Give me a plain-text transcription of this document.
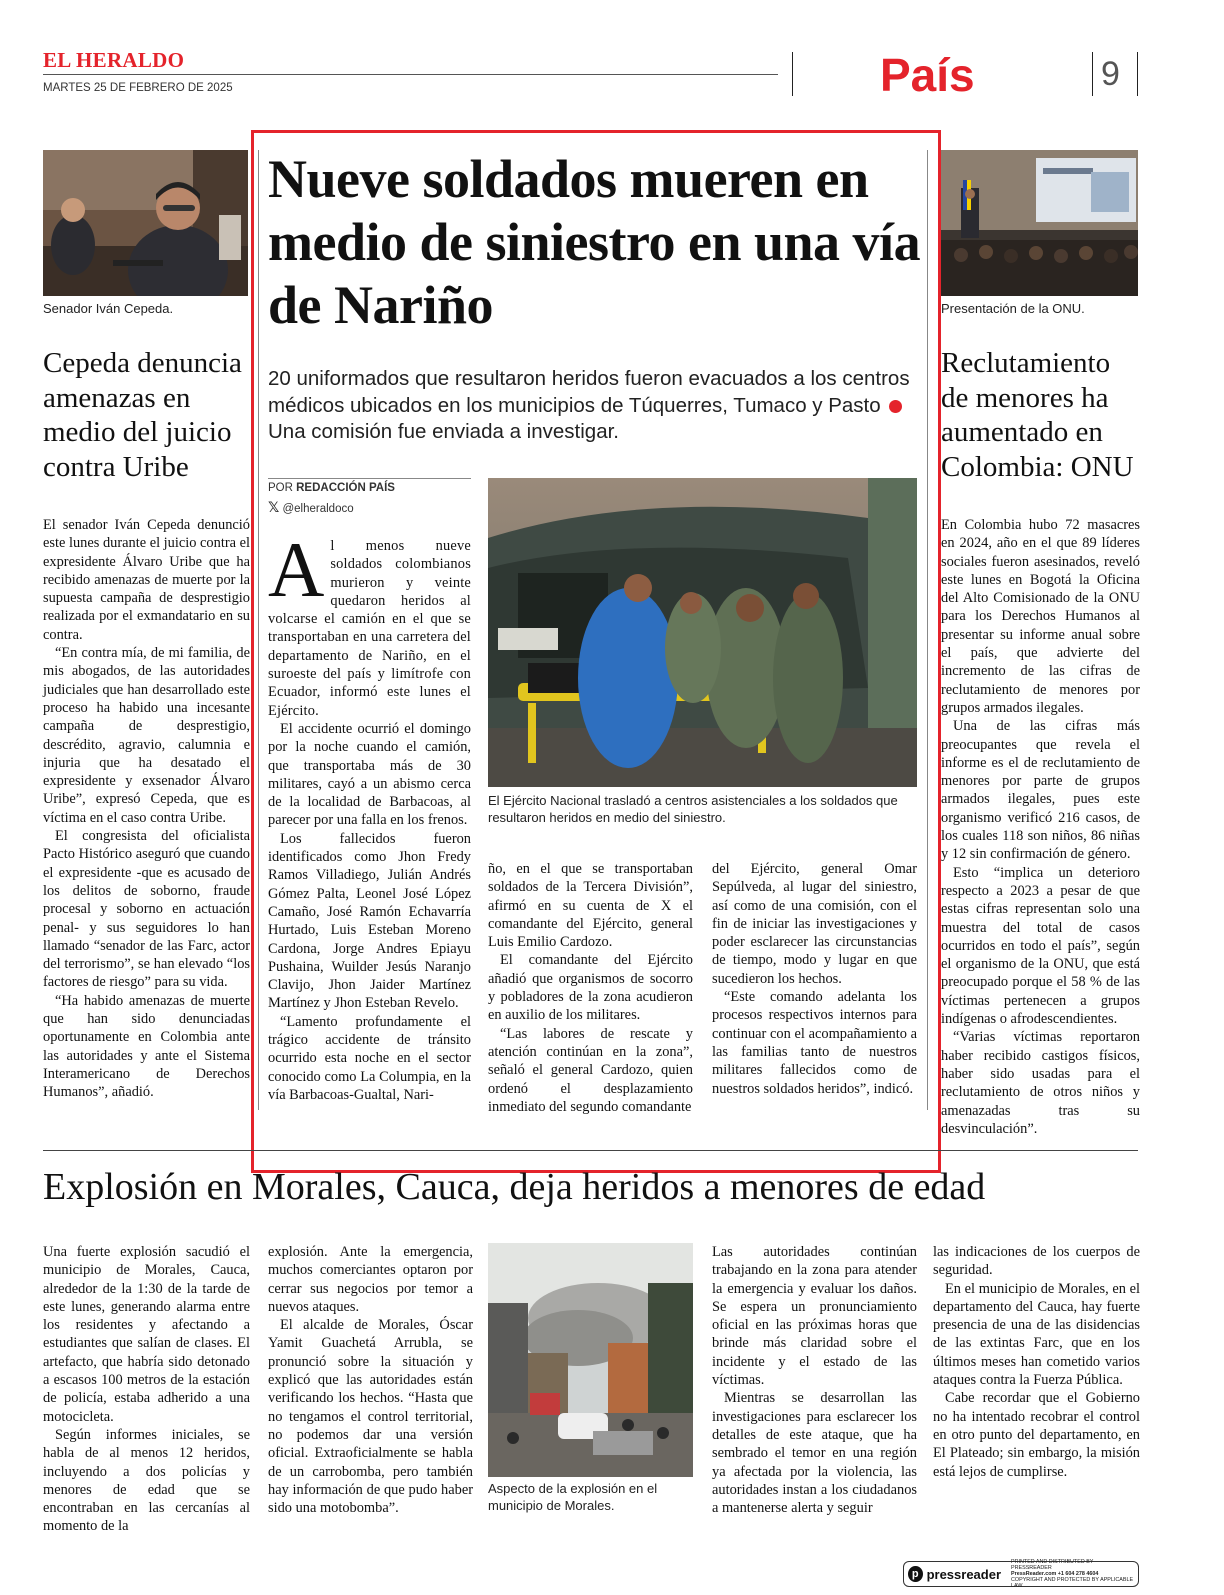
EL HERALDO
MARTES 25 DE FEBRERO DE 2025	País	9
Senador Iván Cepeda.
Cepeda denuncia amenazas en medio del juicio contra Uribe

El senador Iván Cepeda denunció este lunes durante el juicio contra el expresidente Álvaro Uribe que ha recibido amenazas de muerte por la supuesta campaña de desprestigio realizada por el exmandatario en su contra.

“En contra mía, de mi familia, de mis abogados, de las autoridades judiciales que han desarrollado este proceso ha habido una incesante campaña de desprestigio, descrédito, agravio, calumnia e injuria que ha desatado el expresidente y exsenador Álvaro Uribe”, expresó Cepeda, que es víctima en el caso contra Uribe.

El congresista del oficialista Pacto Histórico aseguró que cuando el expresidente -que es acusado de los delitos de soborno, fraude procesal y soborno en actuación penal- y sus seguidores lo han llamado “senador de las Farc, actor del terrorismo”, se han elevado “los factores de riesgo” para su vida.

“Ha habido amenazas de muerte que han sido denunciadas oportunamente en Colombia ante las autoridades y ante el Sistema Interamericano de Derechos Humanos”, añadió.

Nueve soldados mueren en medio de siniestro en una vía de Nariño
20 uniformados que resultaron heridos fueron evacuados a los centros médicos ubicados en los municipios de Túquerres, Tumaco y Pasto  Una comisión fue enviada a investigar.
POR REDACCIÓN PAÍS
𝕏 @elheraldoco
El Ejército Nacional trasladó a centros asistenciales a los soldados que resultaron heridos en medio del siniestro.
A l menos nueve soldados colombianos murieron y veinte quedaron heridos al volcarse el camión en el que se transportaban en una carretera del departamento de Nariño, en el suroeste del país y limítrofe con Ecuador, informó este lunes el Ejército.

El accidente ocurrió el domingo por la noche cuando el camión, que transportaba más de 30 militares, cayó a un abismo cerca de la localidad de Barbacoas, al parecer por una falla en los frenos.

Los fallecidos fueron identificados como Jhon Fredy Ramos Villadiego, Julián Andrés Gómez Palta, Leonel José López Camaño, José Ramón Echavarría Hurtado, Luis Esteban Moreno Cardona, Jorge Andres Epiayu Pushaina, Wuilder Jesús Naranjo Clavijo, Jhon Jaider Martínez Martínez y Jhon Esteban Revelo.

“Lamento profundamente el trágico accidente de tránsito ocurrido esta noche en el sector conocido como La Columpia, en la vía Barbacoas-Gualtal, Nari-

ño, en el que se transportaban soldados de la Tercera División”, afirmó en su cuenta de X el comandante del Ejército, general Luis Emilio Cardozo.

El comandante del Ejército añadió que organismos de socorro y pobladores de la zona acudieron en auxilio de los militares.

“Las labores de rescate y atención continúan en la zona”, señaló el general Cardozo, quien ordenó el desplazamiento inmediato del segundo comandante

del Ejército, general Omar Sepúlveda, al lugar del siniestro, así como de una comisión, con el fin de iniciar las investigaciones y poder esclarecer las circunstancias de tiempo, modo y lugar en que sucedieron los hechos.

“Este comando adelanta los procesos respectivos internos para continuar con el acompañamiento a las familias tanto de nuestros militares fallecidos como de nuestros soldados heridos”, indicó.

Presentación de la ONU.
Reclutamiento de menores ha aumentado en Colombia: ONU

En Colombia hubo 72 masacres en 2024, año en el que 89 líderes sociales fueron asesinados, reveló este lunes en Bogotá la Oficina del Alto Comisionado de la ONU para los Derechos Humanos al presentar su informe anual sobre el país, que advierte del incremento de las cifras de reclutamiento de menores por grupos armados ilegales.

Una de las cifras más preocupantes que revela el informe es el de reclutamiento de menores por parte de grupos armados ilegales, pues este organismo verificó 216 casos, de los cuales 118 son niños, 86 niñas y 12 sin confirmación de género.

Esto “implica un deterioro respecto a 2023 a pesar de que estas cifras representan solo una muestra del total de casos ocurridos en todo el país”, según el organismo de la ONU, que está preocupado porque el 58 % de las víctimas pertenecen a grupos indígenas o afrodescendientes.

“Varias víctimas reportaron haber recibido castigos físicos, haber sido usadas para el reclutamiento de otros niños y amenazadas tras su desvinculación”.

Explosión en Morales, Cauca, deja heridos a menores de edad

Una fuerte explosión sacudió el municipio de Morales, Cauca, alrededor de la 1:30 de la tarde de este lunes, generando alarma entre los residentes y afectando a estudiantes que salían de clases. El artefacto, que habría sido detonado a escasos 100 metros de la estación de policía, estaba adherido a una motocicleta.

Según informes iniciales, se habla de al menos 12 heridos, incluyendo a dos policías y menores de edad que se encontraban en las cercanías al momento de la

explosión. Ante la emergencia, muchos comerciantes optaron por cerrar sus negocios por temor a nuevos ataques.

El alcalde de Morales, Óscar Yamit Guachetá Arrubla, se pronunció sobre la situación y explicó que las autoridades están verificando los hechos. “Hasta que no tengamos el control territorial, no podemos dar una versión oficial. Extraoficialmente se habla de un carrobomba, pero también hay información de que pudo haber sido una motobomba”.

Aspecto de la explosión en el municipio de Morales.

Las autoridades continúan trabajando en la zona para atender la emergencia y evaluar los daños. Se espera un pronunciamiento oficial en las próximas horas que brinde más claridad sobre el incidente y el estado de las víctimas.

Mientras se desarrollan las investigaciones para esclarecer los detalles de este ataque, que ha sembrado el temor en una región ya afectada por la violencia, las autoridades instan a los ciudadanos a mantenerse alerta y seguir

las indicaciones de los cuerpos de seguridad.

En el municipio de Morales, en el departamento del Cauca, hay fuerte presencia de una de las disidencias de las extintas Farc, que en los últimos meses han cometido varios ataques contra la Fuerza Pública.

Cabe recordar que el Gobierno no ha intentado recobrar el control en otro punto del departamento, en El Plateado; sin embargo, la misión está lejos de cumplirse.

p pressreader
PRINTED AND DISTRIBUTED BY PRESSREADER
PressReader.com +1 604 278 4604
COPYRIGHT AND PROTECTED BY APPLICABLE LAW
